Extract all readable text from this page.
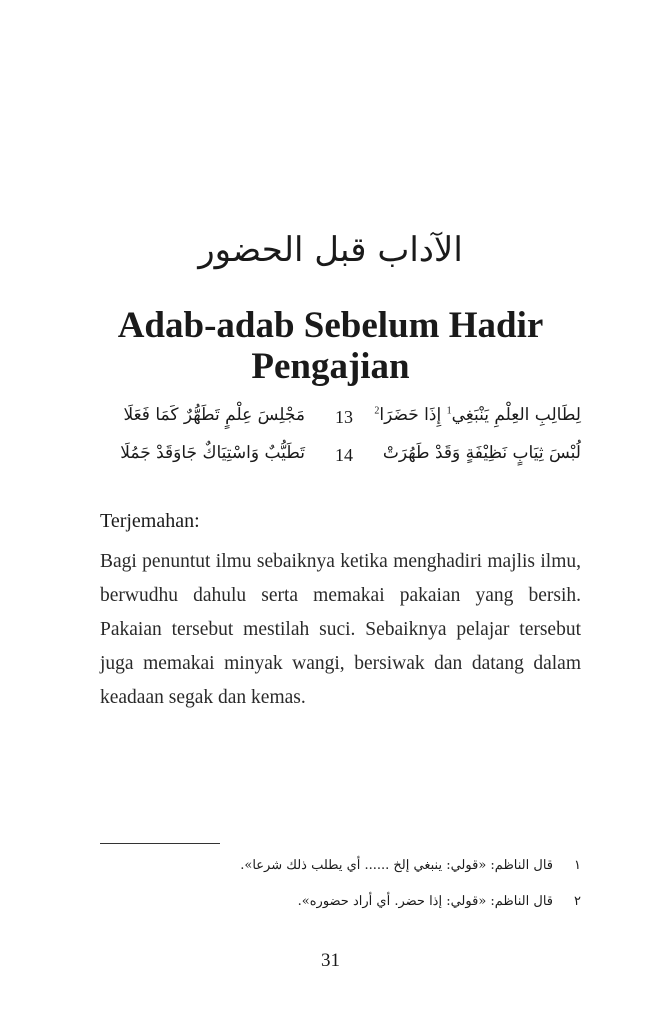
الآداب قبل الحضور
Adab-adab Sebelum Hadir Pengajian
لِطَالِبِ العِلْمِ يَنْبَغِي$^1$ إِذَا حَضَرَا$^2$
13
مَجْلِسَ عِلْمٍ تَطَهُّرٌ كَمَا فَعَلَا
لُبْسَ ثِيَابٍ نَظِيْفَةٍ وَقَدْ طَهُرَتْ
14
تَطَيُّبٌ وَاسْتِيَاكٌ جَاوَقَدْ جَمُلَا
Terjemahan:
Bagi penuntut ilmu sebaiknya ketika menghadiri majlis ilmu, berwudhu dahulu serta memakai pakaian yang bersih. Pakaian tersebut mestilah suci. Sebaiknya pelajar tersebut juga memakai minyak wangi, bersiwak dan datang dalam keadaan segak dan kemas.
١
قال الناظم: «قولي: ينبغي إلخ ...... أي يطلب ذلك شرعا».
٢
قال الناظم: «قولي: إذا حضر. أي أراد حضوره».
31
